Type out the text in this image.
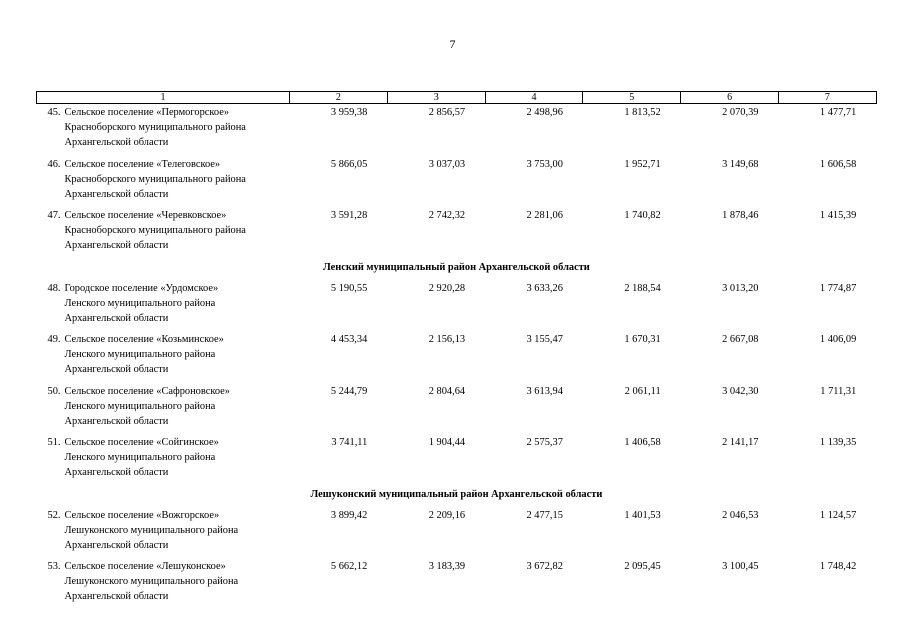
7
1	2	3	4	5	6	7

45. Сельское поселение «Пермогорское»
Красноборского муниципального района
Архангельской области	3 959,38	2 856,57	2 498,96	1 813,52	2 070,39	1 477,71

46. Сельское поселение «Телеговское»
Красноборского муниципального района
Архангельской области	5 866,05	3 037,03	3 753,00	1 952,71	3 149,68	1 606,58

47. Сельское поселение «Черевковское»
Красноборского муниципального района
Архангельской области	3 591,28	2 742,32	2 281,06	1 740,82	1 878,46	1 415,39
Ленский муниципальный район Архангельской области						

48. Городское поселение «Урдомское»
Ленского муниципального района
Архангельской области	5 190,55	2 920,28	3 633,26	2 188,54	3 013,20	1 774,87

49. Сельское поселение «Козьминское»
Ленского муниципального района
Архангельской области	4 453,34	2 156,13	3 155,47	1 670,31	2 667,08	1 406,09

50. Сельское поселение «Сафроновское»
Ленского муниципального района
Архангельской области	5 244,79	2 804,64	3 613,94	2 061,11	3 042,30	1 711,31

51. Сельское поселение «Сойгинское»
Ленского муниципального района
Архангельской области	3 741,11	1 904,44	2 575,37	1 406,58	2 141,17	1 139,35
Лешуконский муниципальный район Архангельской области						

52. Сельское поселение «Вожгорское»
Лешуконского муниципального района
Архангельской области	3 899,42	2 209,16	2 477,15	1 401,53	2 046,53	1 124,57

53. Сельское поселение «Лешуконское»
Лешуконского муниципального района
Архангельской области	5 662,12	3 183,39	3 672,82	2 095,45	3 100,45	1 748,42
